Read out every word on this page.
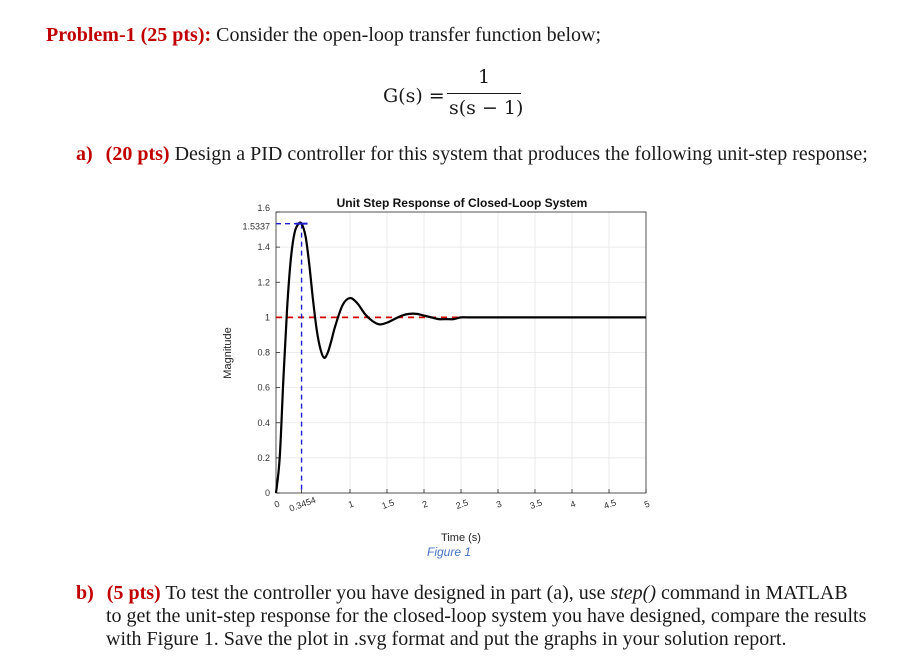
Problem-1 (25 pts): Consider the open-loop transfer function below;
G(s) =
1
s(s − 1)
a) (20 pts) Design a PID controller for this system that produces the following unit-step response;
Unit Step Response of Closed-Loop System
0 0.3454	1	1.5	2	2.5	3	3.5	4	4.5	5
0
0.2
0.4
0.6
0.8
1
1.2
1.4
1.5337
1.6
Time (s)
Magnitude
Figure 1
b) (5 pts) To test the controller you have designed in part (a), use step() command in MATLAB
to get the unit-step response for the closed-loop system you have designed, compare the results
with Figure 1. Save the plot in .svg format and put the graphs in your solution report.
